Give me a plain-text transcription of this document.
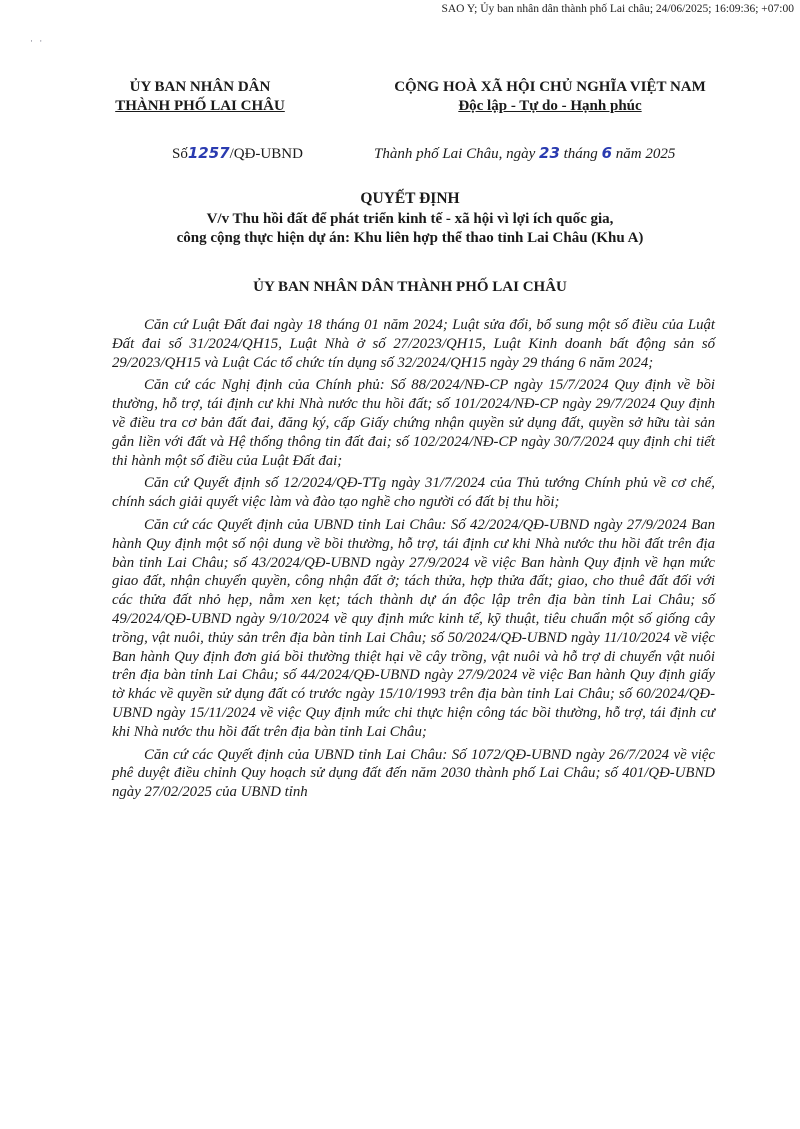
SAO Y; Ủy ban nhân dân thành phố Lai châu; 24/06/2025; 16:09:36; +07:00
· ·
ỦY BAN NHÂN DÂN
THÀNH PHỐ LAI CHÂU
CỘNG HOÀ XÃ HỘI CHỦ NGHĨA VIỆT NAM
Độc lập - Tự do - Hạnh phúc
Số1257/QĐ-UBND	Thành phố Lai Châu, ngày 23 tháng 6 năm 2025
QUYẾT ĐỊNH
V/v Thu hồi đất để phát triển kinh tế - xã hội vì lợi ích quốc gia,
công cộng thực hiện dự án: Khu liên hợp thể thao tỉnh Lai Châu (Khu A)
ỦY BAN NHÂN DÂN THÀNH PHỐ LAI CHÂU

Căn cứ Luật Đất đai ngày 18 tháng 01 năm 2024; Luật sửa đổi, bổ sung một số điều của Luật Đất đai số 31/2024/QH15, Luật Nhà ở số 27/2023/QH15, Luật Kinh doanh bất động sản số 29/2023/QH15 và Luật Các tổ chức tín dụng số 32/2024/QH15 ngày 29 tháng 6 năm 2024;

Căn cứ các Nghị định của Chính phủ: Số 88/2024/NĐ-CP ngày 15/7/2024 Quy định về bồi thường, hỗ trợ, tái định cư khi Nhà nước thu hồi đất; số 101/2024/NĐ-CP ngày 29/7/2024 Quy định về điều tra cơ bản đất đai, đăng ký, cấp Giấy chứng nhận quyền sử dụng đất, quyền sở hữu tài sản gắn liền với đất và Hệ thống thông tin đất đai; số 102/2024/NĐ-CP ngày 30/7/2024 quy định chi tiết thi hành một số điều của Luật Đất đai;

Căn cứ Quyết định số 12/2024/QĐ-TTg ngày 31/7/2024 của Thủ tướng Chính phủ về cơ chế, chính sách giải quyết việc làm và đào tạo nghề cho người có đất bị thu hồi;

Căn cứ các Quyết định của UBND tỉnh Lai Châu: Số 42/2024/QĐ-UBND ngày 27/9/2024 Ban hành Quy định một số nội dung về bồi thường, hỗ trợ, tái định cư khi Nhà nước thu hồi đất trên địa bàn tỉnh Lai Châu; số 43/2024/QĐ-UBND ngày 27/9/2024 về việc Ban hành Quy định về hạn mức giao đất, nhận chuyển quyền, công nhận đất ở; tách thửa, hợp thửa đất; giao, cho thuê đất đối với các thửa đất nhỏ hẹp, nằm xen kẹt; tách thành dự án độc lập trên địa bàn tỉnh Lai Châu; số 49/2024/QĐ-UBND ngày 9/10/2024 về quy định mức kinh tế, kỹ thuật, tiêu chuẩn một số giống cây trồng, vật nuôi, thủy sản trên địa bàn tỉnh Lai Châu; số 50/2024/QĐ-UBND ngày 11/10/2024 về việc Ban hành Quy định đơn giá bồi thường thiệt hại về cây trồng, vật nuôi và hỗ trợ di chuyển vật nuôi trên địa bàn tỉnh Lai Châu; số 44/2024/QĐ-UBND ngày 27/9/2024 về việc Ban hành Quy định giấy tờ khác về quyền sử dụng đất có trước ngày 15/10/1993 trên địa bàn tỉnh Lai Châu; số 60/2024/QĐ-UBND ngày 15/11/2024 về việc Quy định mức chi thực hiện công tác bồi thường, hỗ trợ, tái định cư khi Nhà nước thu hồi đất trên địa bàn tỉnh Lai Châu;

Căn cứ các Quyết định của UBND tỉnh Lai Châu: Số 1072/QĐ-UBND ngày 26/7/2024 về việc phê duyệt điều chỉnh Quy hoạch sử dụng đất đến năm 2030 thành phố Lai Châu; số 401/QĐ-UBND ngày 27/02/2025 của UBND tỉnh
